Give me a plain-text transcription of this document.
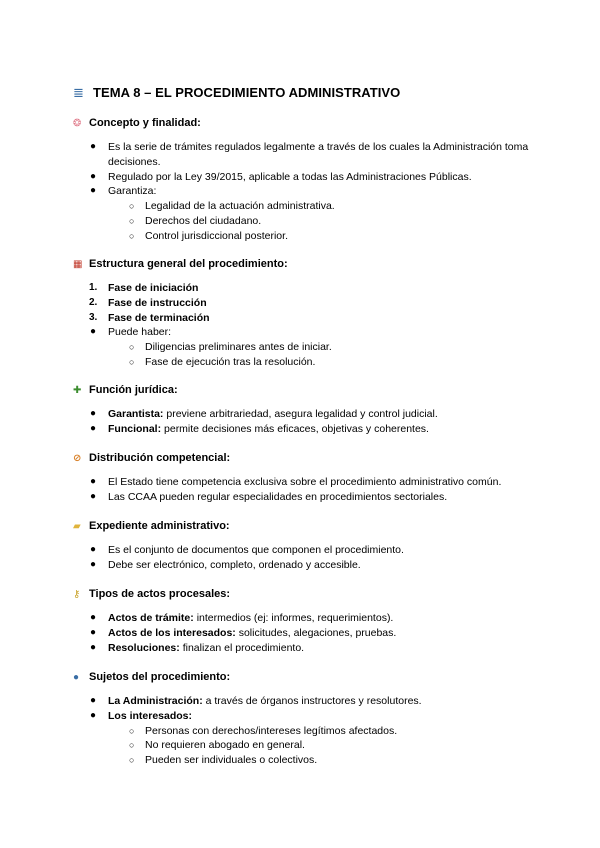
≣ TEMA 8 – EL PROCEDIMIENTO ADMINISTRATIVO
❂ Concepto y finalidad:
● Es la serie de trámites regulados legalmente a través de los cuales la Administración toma decisiones.
● Regulado por la Ley 39/2015, aplicable a todas las Administraciones Públicas.
● Garantiza:
○ Legalidad de la actuación administrativa.
○ Derechos del ciudadano.
○ Control jurisdiccional posterior.
▦ Estructura general del procedimiento:
1. Fase de iniciación
2. Fase de instrucción
3. Fase de terminación
● Puede haber:
○ Diligencias preliminares antes de iniciar.
○ Fase de ejecución tras la resolución.
✚ Función jurídica:
● Garantista: previene arbitrariedad, asegura legalidad y control judicial.
● Funcional: permite decisiones más eficaces, objetivas y coherentes.
⊘ Distribución competencial:
● El Estado tiene competencia exclusiva sobre el procedimiento administrativo común.
● Las CCAA pueden regular especialidades en procedimientos sectoriales.
▰ Expediente administrativo:
● Es el conjunto de documentos que componen el procedimiento.
● Debe ser electrónico, completo, ordenado y accesible.
⚷ Tipos de actos procesales:
● Actos de trámite: intermedios (ej: informes, requerimientos).
● Actos de los interesados: solicitudes, alegaciones, pruebas.
● Resoluciones: finalizan el procedimiento.
● Sujetos del procedimiento:
● La Administración: a través de órganos instructores y resolutores.
● Los interesados:
○ Personas con derechos/intereses legítimos afectados.
○ No requieren abogado en general.
○ Pueden ser individuales o colectivos.
